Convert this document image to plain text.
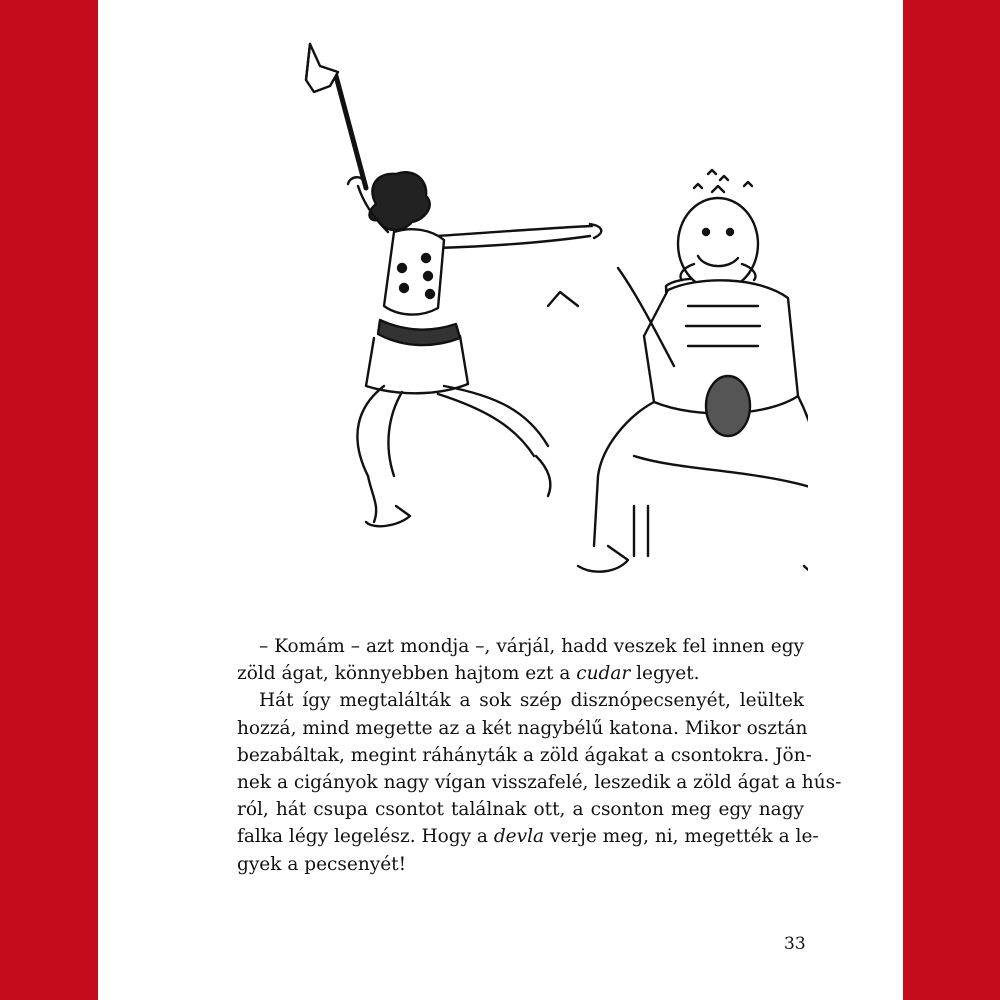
– Komám – azt mondja –, várjál, hadd veszek fel innen egy
zöld ágat, könnyebben hajtom ezt a cudar legyet.
Hát így megtalálták a sok szép disznópecsenyét, leültek
hozzá, mind megette az a két nagybélű katona. Mikor osztán
bezabáltak, megint ráhányták a zöld ágakat a csontokra. Jön-
nek a cigányok nagy vígan visszafelé, leszedik a zöld ágat a hús-
ról, hát csupa csontot találnak ott, a csonton meg egy nagy
falka légy legelész. Hogy a devla verje meg, ni, megették a le-
gyek a pecsenyét!
33
